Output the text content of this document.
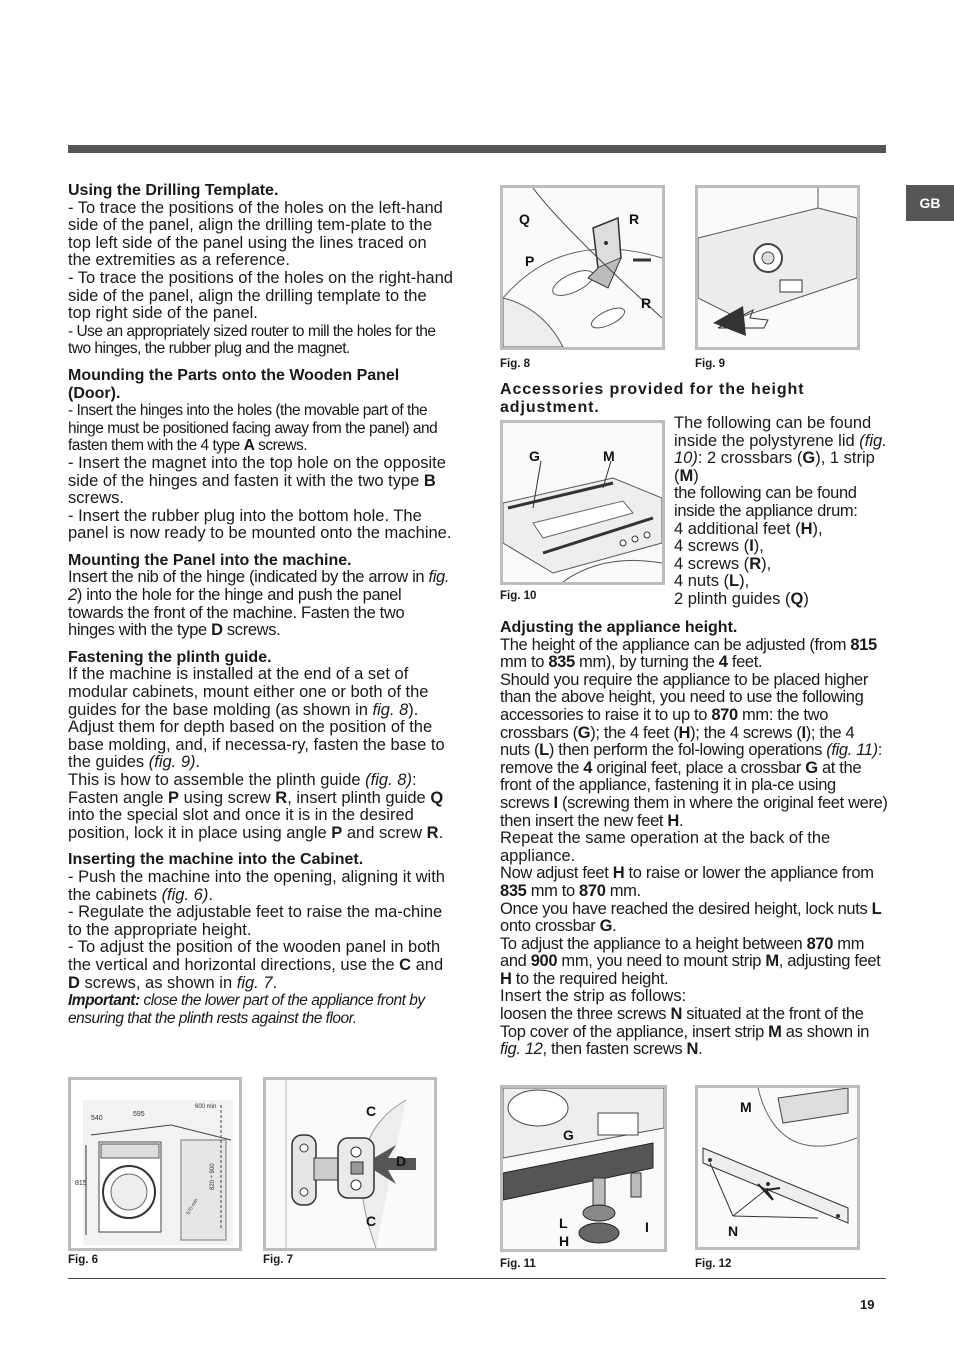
GB
Using the Drilling Template.

- To trace the positions of the holes on the left-hand side of the panel, align the drilling tem-plate to the top left side of the panel using the lines traced on the extremities as a reference.

- To trace the positions of the holes on the right-hand side of the panel, align the drilling template to the top right side of the panel.

- Use an appropriately sized router to mill the holes for the two hinges, the rubber plug and the magnet.

Mounding the Parts onto the Wooden Panel (Door).

- Insert the hinges into the holes (the movable part of the hinge must be positioned facing away from the panel) and fasten them with the 4 type A screws.

- Insert the magnet into the top hole on the opposite side of the hinges and fasten it with the two type B screws.

- Insert the rubber plug into the bottom hole. The panel is now ready to be mounted onto the machine.

Mounting the Panel into the machine.

Insert the nib of the hinge (indicated by the arrow in fig. 2) into the hole for the hinge and push the panel towards the front of the machine. Fasten the two hinges with the type D screws.

Fastening the plinth guide.

If the machine is installed at the end of a set of modular cabinets, mount either one or both of the guides for the base molding (as shown in fig. 8). Adjust them for depth based on the position of the base molding, and, if necessa-ry, fasten the base to the guides (fig. 9).

This is how to assemble the plinth guide (fig. 8): Fasten angle P using screw R, insert plinth guide Q into the special slot and once it is in the desired position, lock it in place using angle P and screw R.

Inserting the machine into the Cabinet.

- Push the machine into the opening, aligning it with the cabinets (fig. 6).

- Regulate the adjustable feet to raise the ma-chine to the appropriate height.

- To adjust the position of the wooden panel in both the vertical and horizontal directions, use the C and D screws, as shown in fig. 7.

Important: close the lower part of the appliance front by ensuring that the plinth rests against the floor.

815
540
595
600 min
820 ÷ 900
570 min
Fig. 6
C
D
C
Fig. 7
Q	R
P
R
Fig. 8	Fig. 9

Accessories provided for the height adjustment.

G	M
Fig. 10

The following can be found inside the polystyrene lid (fig. 10): 2 crossbars (G), 1 strip (M)

the following can be found inside the appliance drum:

4 additional feet (H),

4 screws (I),

4 screws (R),

4 nuts (L),

2 plinth guides (Q)

Adjusting the appliance height.

The height of the appliance can be adjusted (from 815 mm to 835 mm), by turning the 4 feet.

Should you require the appliance to be placed higher than the above height, you need to use the following accessories to raise it to up to 870 mm: the two crossbars (G); the 4 feet (H); the 4 screws (I); the 4 nuts (L) then perform the fol-lowing operations (fig. 11):

remove the 4 original feet, place a crossbar G at the front of the appliance, fastening it in pla-ce using screws I (screwing them in where the original feet were) then insert the new feet H.

Repeat the same operation at the back of the appliance.

Now adjust feet H to raise or lower the appliance from 835 mm to 870 mm.

Once you have reached the desired height, lock nuts L onto crossbar G.

To adjust the appliance to a height between 870 mm and 900 mm, you need to mount strip M, adjusting feet H to the required height.

Insert the strip as follows:

loosen the three screws N situated at the front of the Top cover of the appliance, insert strip M as shown in fig. 12, then fasten screws N.

G
L
H
I
Fig. 11
M
N
Fig. 12
19
